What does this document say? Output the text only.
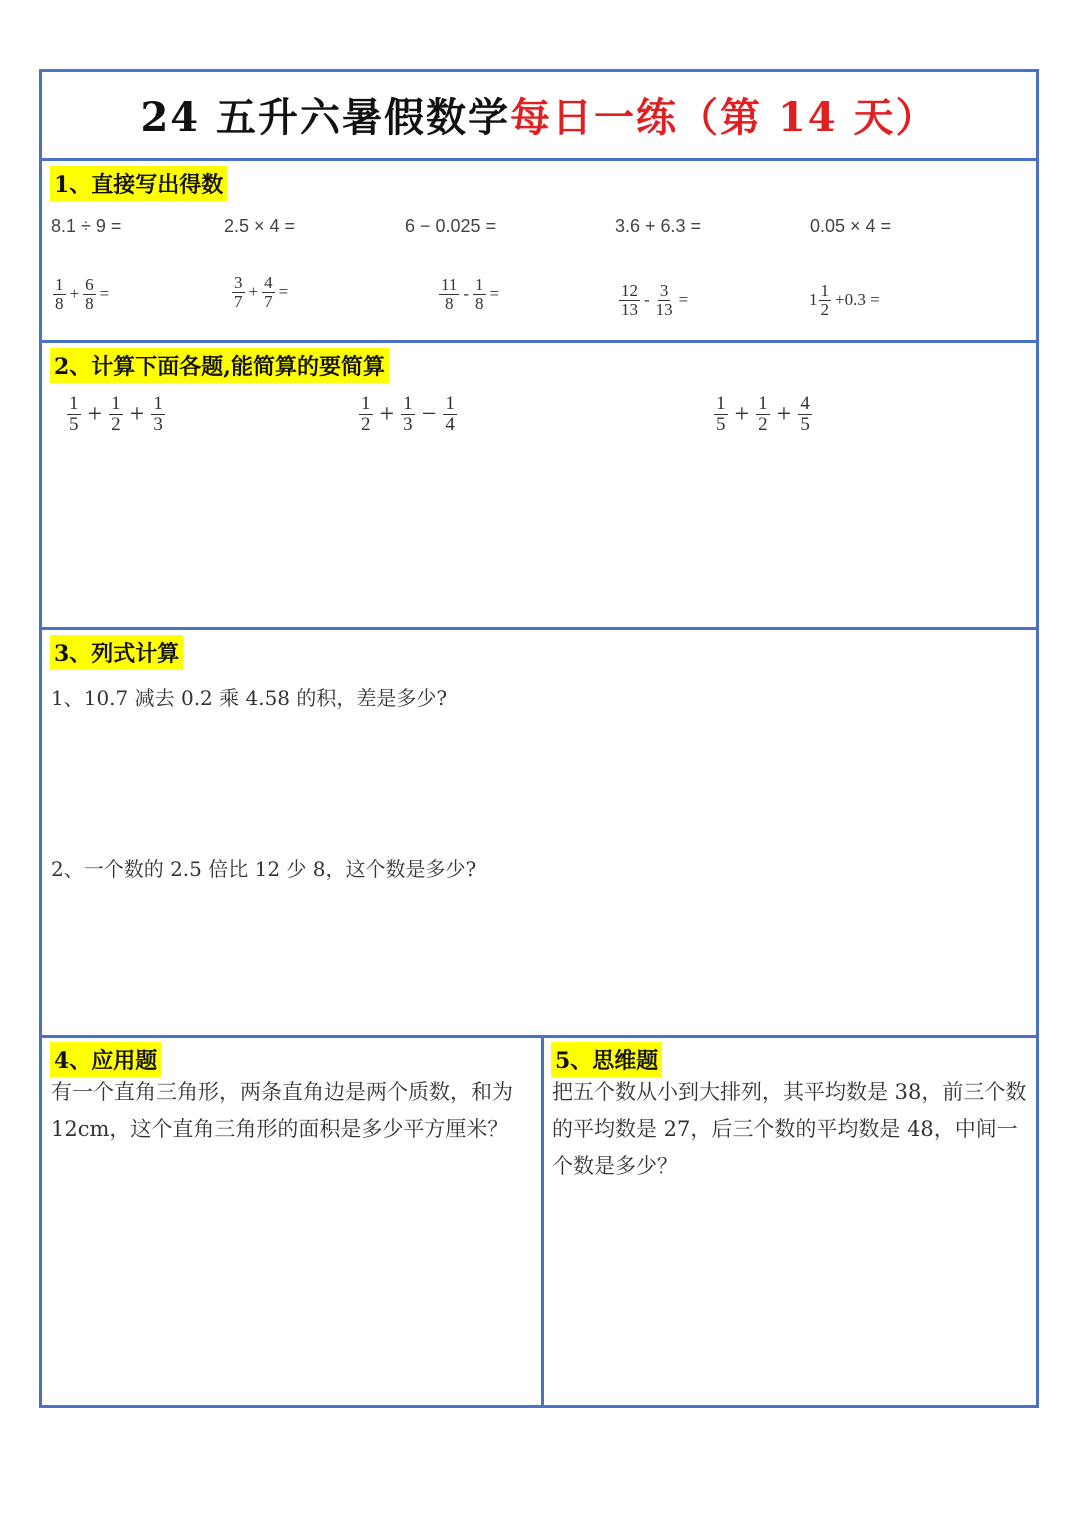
24 五升六暑假数学每日一练（第 14 天）
1、直接写出得数
8.1 ÷ 9 =	2.5 × 4 =	6 − 0.025 =	3.6 + 6.3 =	0.05 × 4 =
$\frac{1}{8} + \frac{6}{8}$ =	$\frac{3}{7} + \frac{4}{7}$ =	$\frac{11}{8} - \frac{1}{8}$ =	$\frac{12}{13} - \frac{3}{13}$ =	$1 \frac{1}{2} +0.3$ =
2、计算下面各题,能简算的要简算
$\frac{1}{5} + \frac{1}{2} + \frac{1}{3}$	$\frac{1}{2} + \frac{1}{3} - \frac{1}{4}$	$\frac{1}{5} + \frac{1}{2} + \frac{4}{5}$
3、列式计算
1、10.7 减去 0.2 乘 4.58 的积，差是多少?
2、一个数的 2.5 倍比 12 少 8，这个数是多少?
4、应用题
有一个直角三角形，两条直角边是两个质数，和为 12cm，这个直角三角形的面积是多少平方厘米？
5、思维题
把五个数从小到大排列，其平均数是 38，前三个数的平均数是 27，后三个数的平均数是 48，中间一个数是多少？
